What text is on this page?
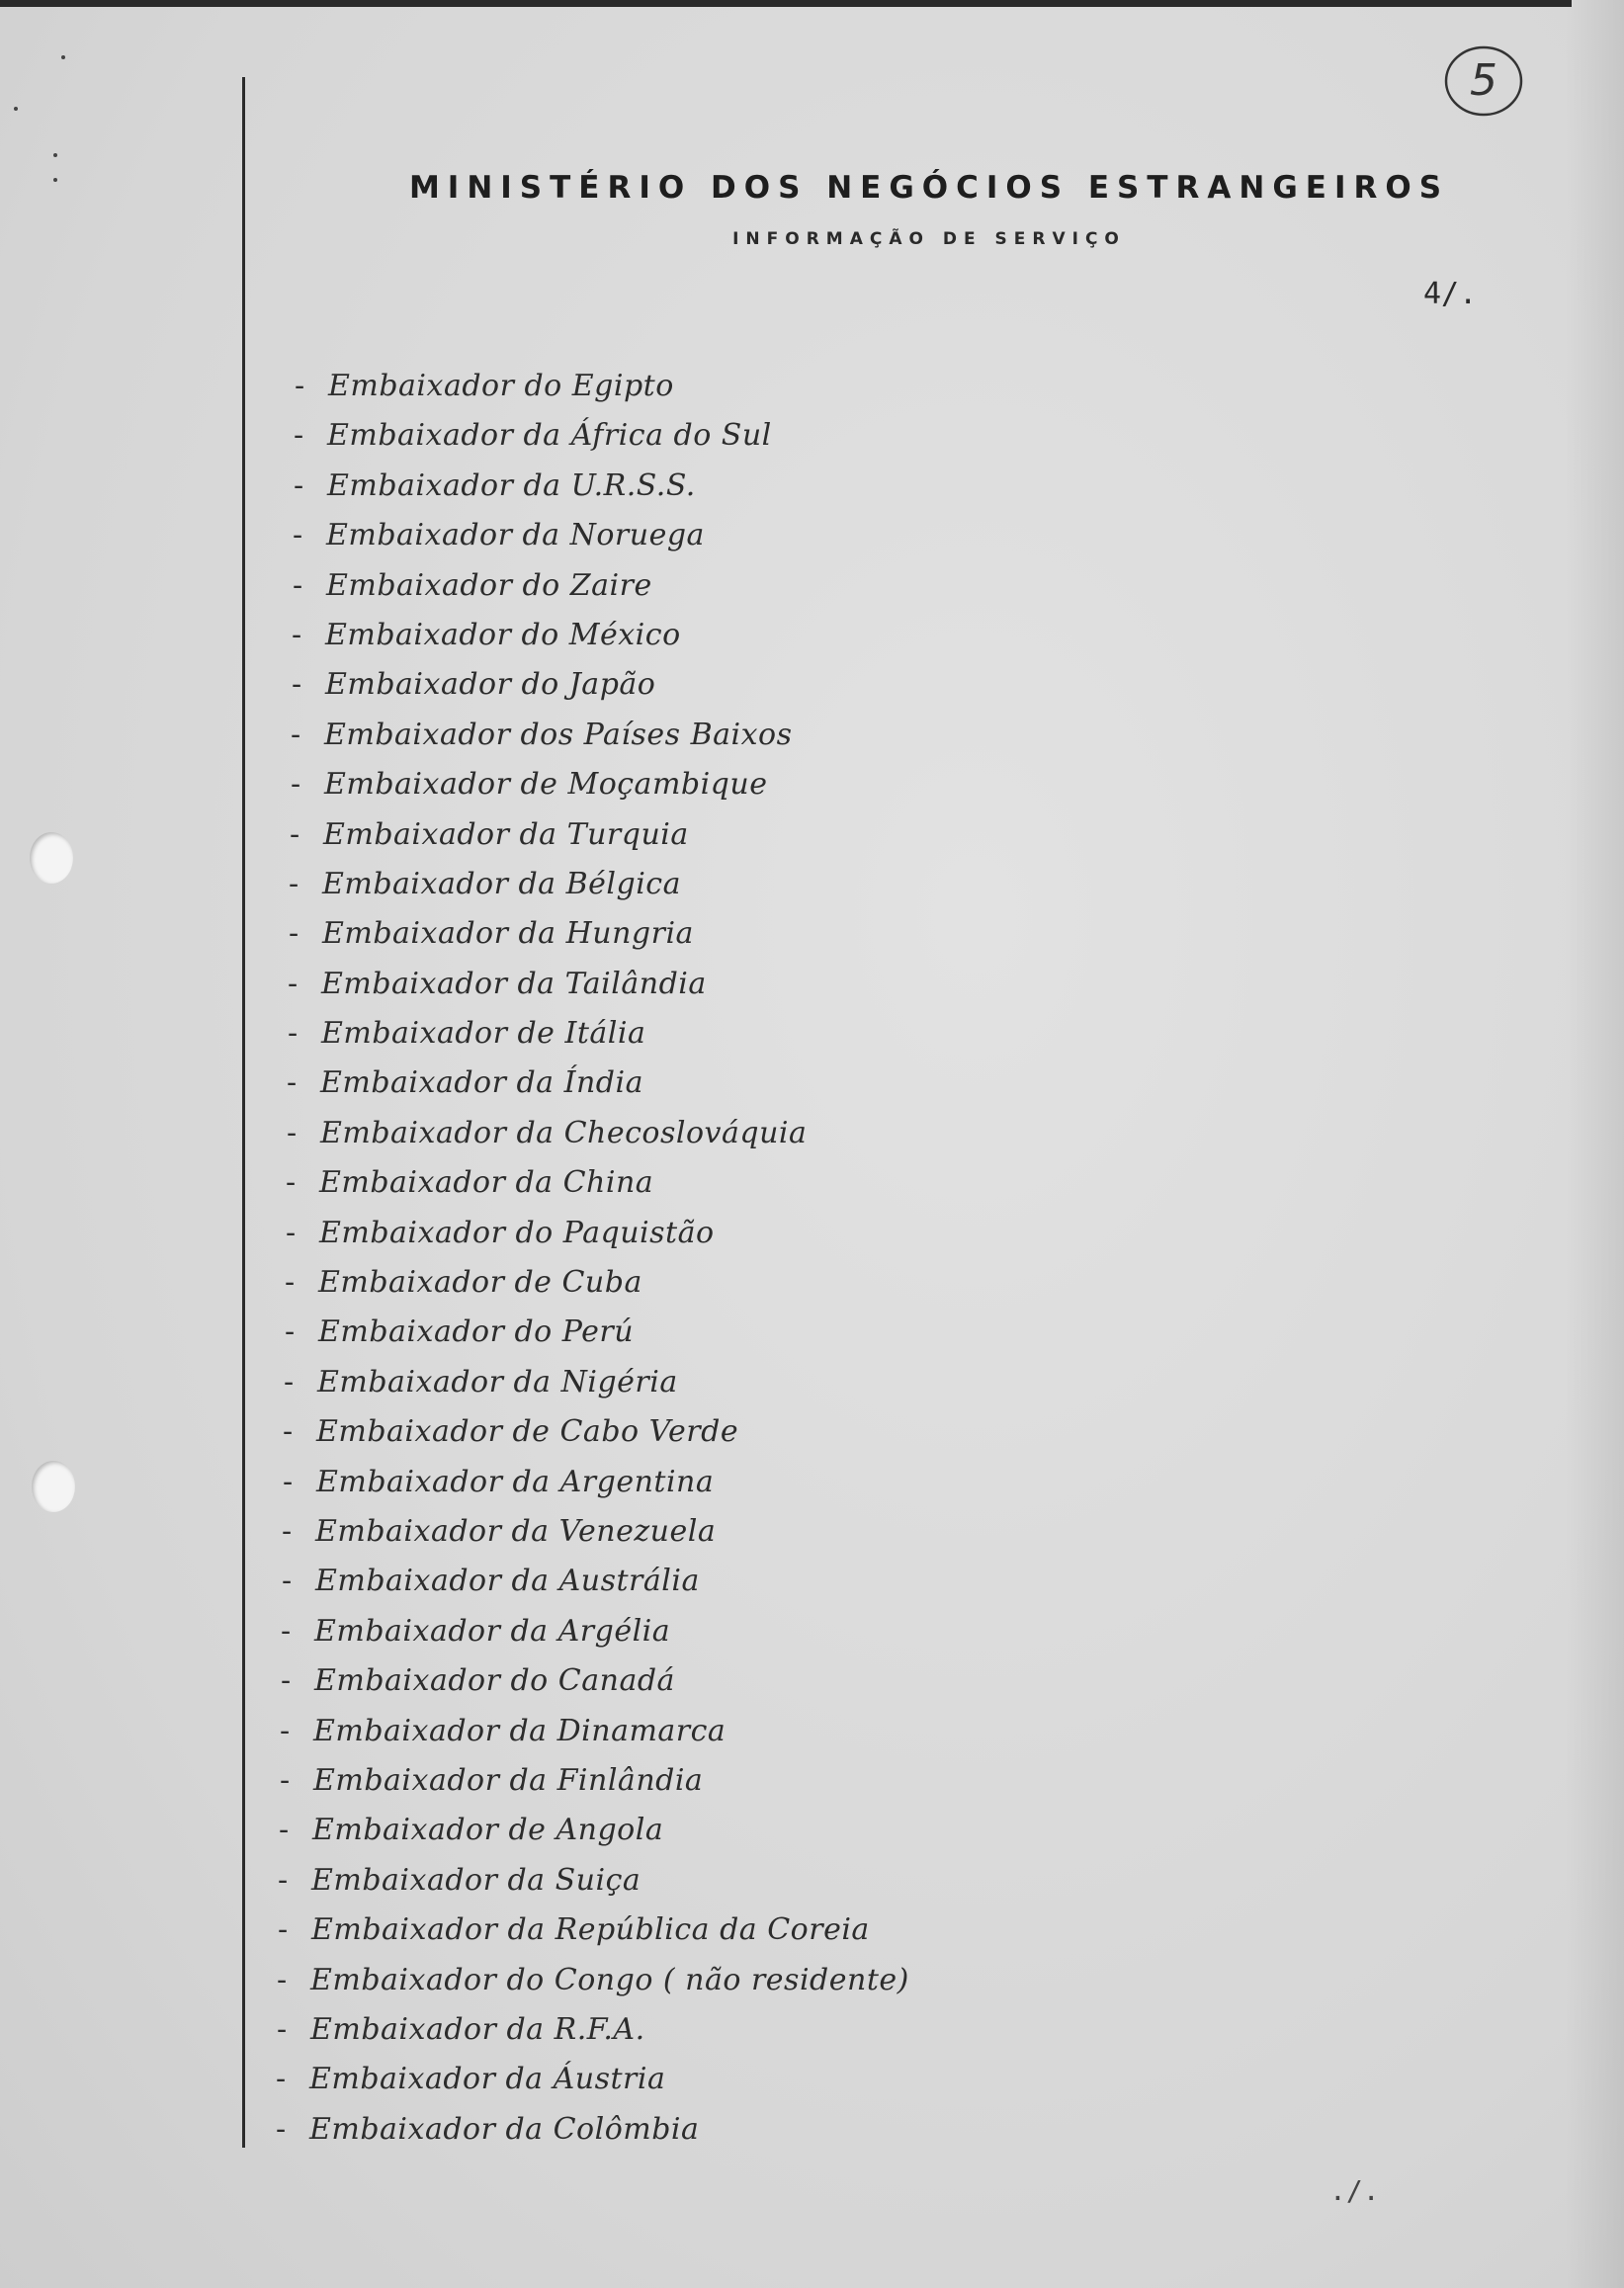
5
MINISTÉRIO DOS NEGÓCIOS ESTRANGEIROS
INFORMAÇÃO DE SERVIÇO
4/.
- Embaixador do Egipto
- Embaixador da África do Sul
- Embaixador da U.R.S.S.
- Embaixador da Noruega
- Embaixador do Zaire
- Embaixador do México
- Embaixador do Japão
- Embaixador dos Países Baixos
- Embaixador de Moçambique
- Embaixador da Turquia
- Embaixador da Bélgica
- Embaixador da Hungria
- Embaixador da Tailândia
- Embaixador de Itália
- Embaixador da Índia
- Embaixador da Checoslováquia
- Embaixador da China
- Embaixador do Paquistão
- Embaixador de Cuba
- Embaixador do Perú
- Embaixador da Nigéria
- Embaixador de Cabo Verde
- Embaixador da Argentina
- Embaixador da Venezuela
- Embaixador da Austrália
- Embaixador da Argélia
- Embaixador do Canadá
- Embaixador da Dinamarca
- Embaixador da Finlândia
- Embaixador de Angola
- Embaixador da Suiça
- Embaixador da República da Coreia
- Embaixador do Congo ( não residente)
- Embaixador da R.F.A.
- Embaixador da Áustria
- Embaixador da Colômbia
./.
